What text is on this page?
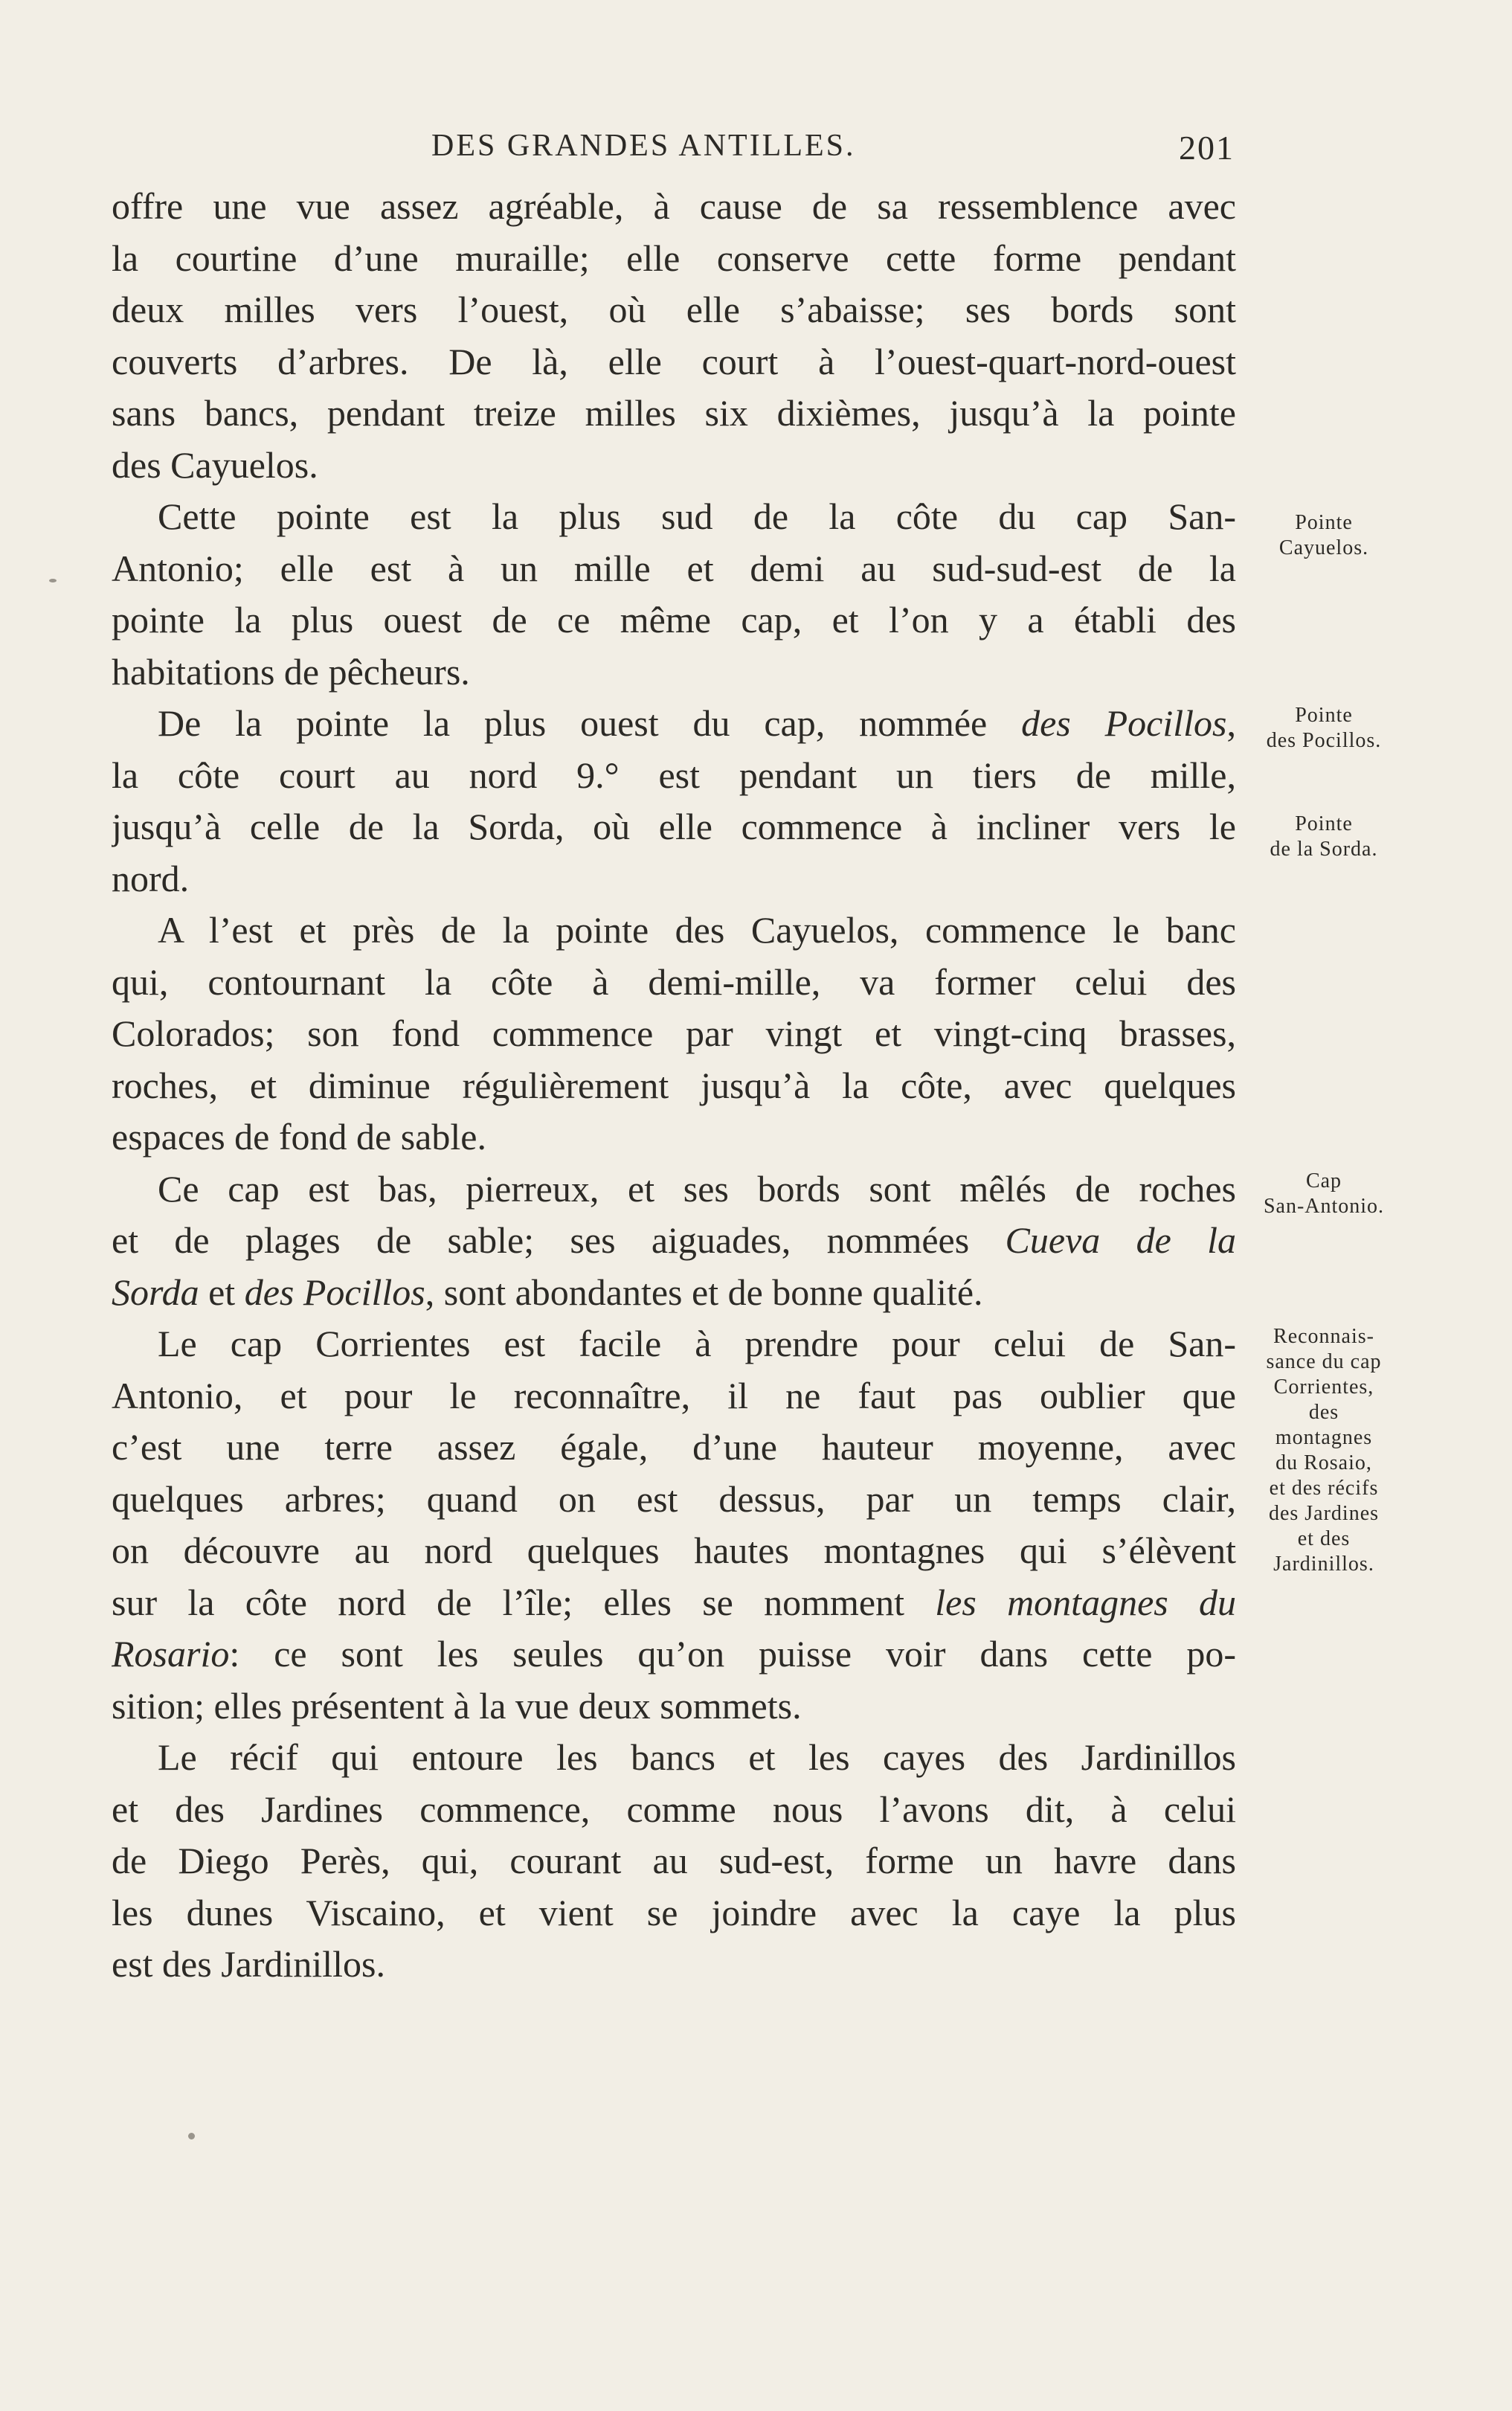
DES GRANDES ANTILLES.	201
offre une vue assez agréable, à cause de sa ressemblence avec
la courtine d’une muraille; elle conserve cette forme pendant
deux milles vers l’ouest, où elle s’abaisse; ses bords sont
couverts d’arbres. De là, elle court à l’ouest-quart-nord-ouest
sans bancs, pendant treize milles six dixièmes, jusqu’à la pointe
des Cayuelos.
Cette pointe est la plus sud de la côte du cap San-
Antonio; elle est à un mille et demi au sud-sud-est de la
pointe la plus ouest de ce même cap, et l’on y a établi des
habitations de pêcheurs.
De la pointe la plus ouest du cap, nommée des Pocillos,
la côte court au nord 9.° est pendant un tiers de mille,
jusqu’à celle de la Sorda, où elle commence à incliner vers le
nord.
A l’est et près de la pointe des Cayuelos, commence le banc
qui, contournant la côte à demi-mille, va former celui des
Colorados; son fond commence par vingt et vingt-cinq brasses,
roches, et diminue régulièrement jusqu’à la côte, avec quelques
espaces de fond de sable.
Ce cap est bas, pierreux, et ses bords sont mêlés de roches
et de plages de sable; ses aiguades, nommées Cueva de la
Sorda et des Pocillos, sont abondantes et de bonne qualité.
Le cap Corrientes est facile à prendre pour celui de San-
Antonio, et pour le reconnaître, il ne faut pas oublier que
c’est une terre assez égale, d’une hauteur moyenne, avec
quelques arbres; quand on est dessus, par un temps clair,
on découvre au nord quelques hautes montagnes qui s’élèvent
sur la côte nord de l’île; elles se nomment les montagnes du
Rosario: ce sont les seules qu’on puisse voir dans cette po-
sition; elles présentent à la vue deux sommets.
Le récif qui entoure les bancs et les cayes des Jardinillos
et des Jardines commence, comme nous l’avons dit, à celui
de Diego Perès, qui, courant au sud-est, forme un havre dans
les dunes Viscaino, et vient se joindre avec la caye la plus
est des Jardinillos.
Pointe
Cayuelos.
Pointe
des Pocillos.
Pointe
de la Sorda.
Cap
San-Antonio.
Reconnais-
sance du cap
Corrientes,
des
montagnes
du Rosaio,
et des récifs
des Jardines
et des
Jardinillos.
